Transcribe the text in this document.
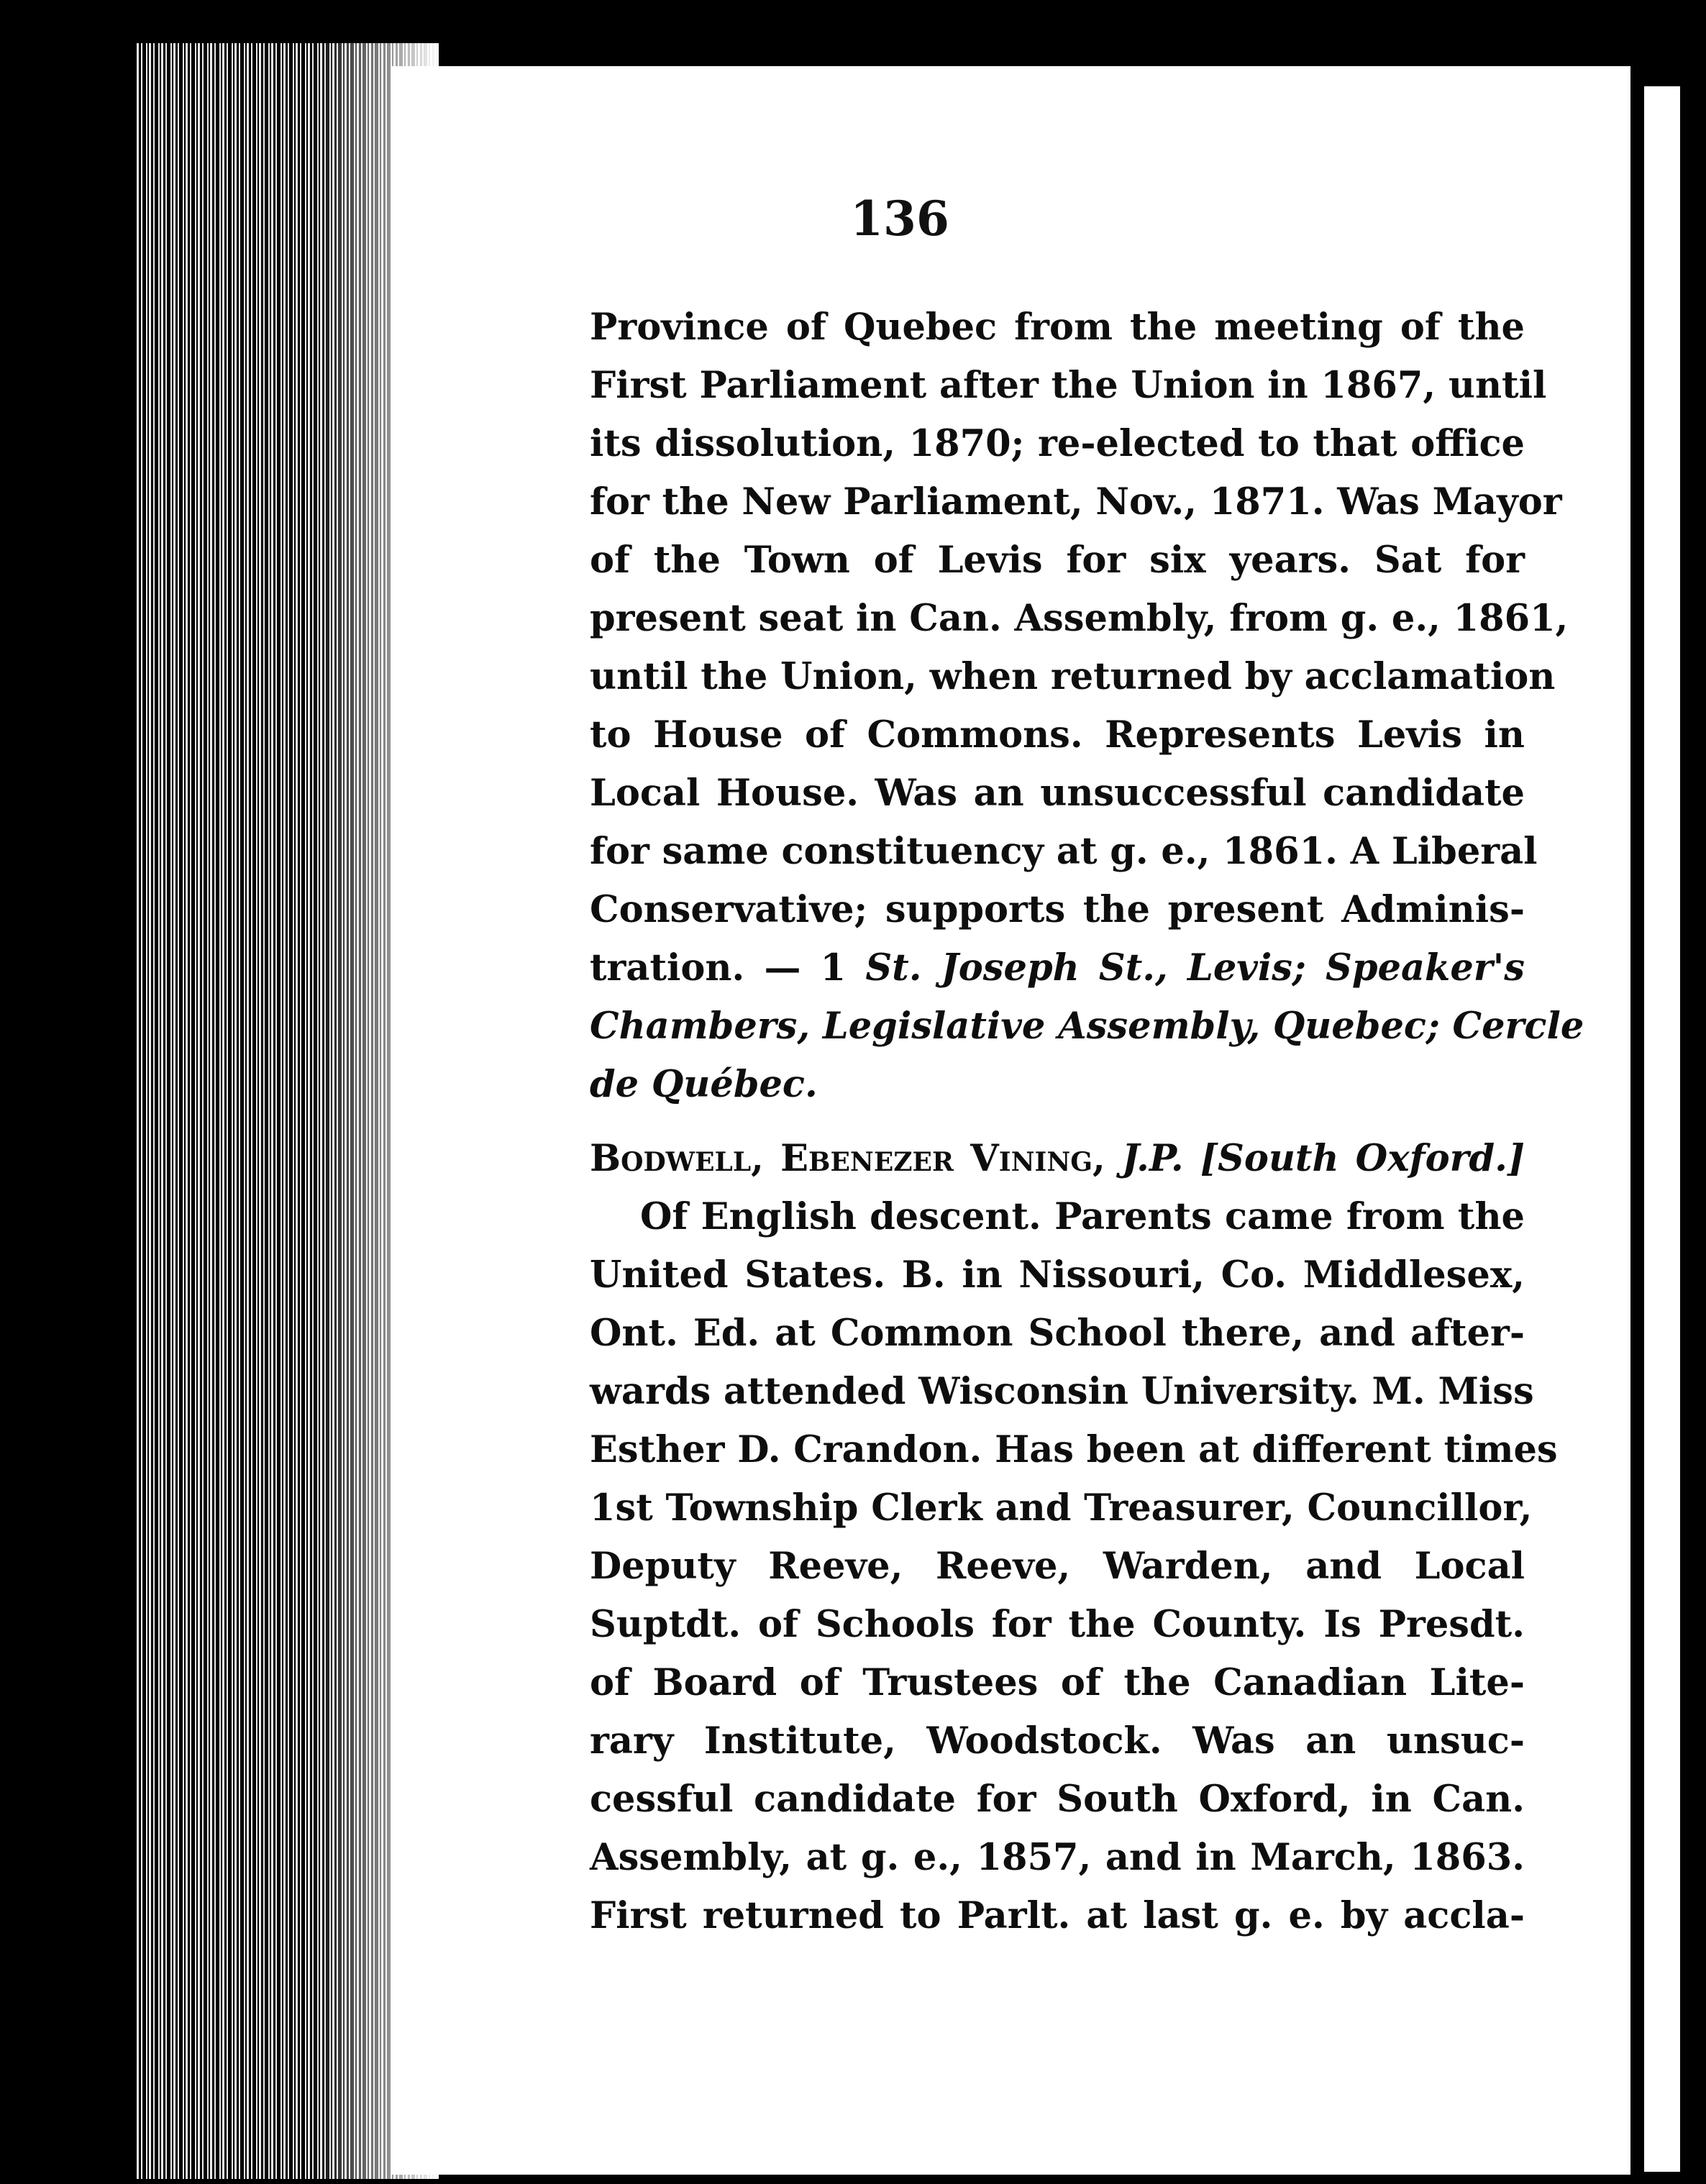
136
Province of Quebec from the meeting of the
First Parliament after the Union in 1867, until
its dissolution, 1870; re-elected to that office
for the New Parliament, Nov., 1871. Was Mayor
of the Town of Levis for six years. Sat for
present seat in Can. Assembly, from g. e., 1861,
until the Union, when returned by acclamation
to House of Commons. Represents Levis in
Local House. Was an unsuccessful candidate
for same constituency at g. e., 1861. A Liberal
Conservative; supports the present Adminis-
tration. — 1 St. Joseph St., Levis; Speaker's
Chambers, Legislative Assembly, Quebec; Cercle
de Québec.
Bodwell, Ebenezer Vining, J.P. [South Oxford.]
Of English descent. Parents came from the
United States. B. in Nissouri, Co. Middlesex,
Ont. Ed. at Common School there, and after-
wards attended Wisconsin University. M. Miss
Esther D. Crandon. Has been at different times
1st Township Clerk and Treasurer, Councillor,
Deputy Reeve, Reeve, Warden, and Local
Suptdt. of Schools for the County. Is Presdt.
of Board of Trustees of the Canadian Lite-
rary Institute, Woodstock. Was an unsuc-
cessful candidate for South Oxford, in Can.
Assembly, at g. e., 1857, and in March, 1863.
First returned to Parlt. at last g. e. by accla-
